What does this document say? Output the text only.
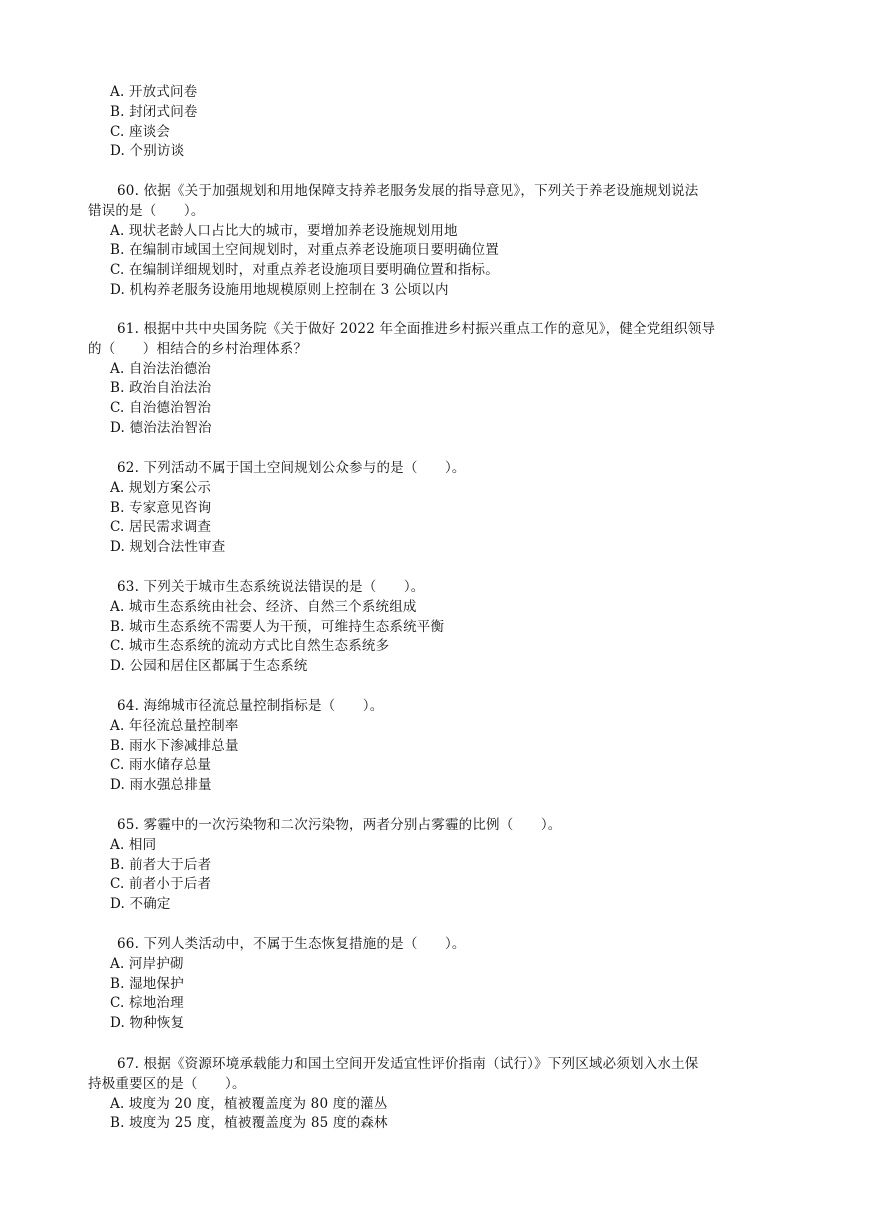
A. 开放式问卷
B. 封闭式问卷
C. 座谈会
D. 个别访谈
60. 依据《关于加强规划和用地保障支持养老服务发展的指导意见》，下列关于养老设施规划说法
错误的是（　　）。
A. 现状老龄人口占比大的城市，要增加养老设施规划用地
B. 在编制市域国土空间规划时，对重点养老设施项日要明确位置
C. 在编制详细规划时，对重点养老设施项目要明确位置和指标。
D. 机构养老服务设施用地规模原则上控制在 3 公顷以内
61. 根据中共中央国务院《关于做好 2022 年全面推进乡村振兴重点工作的意见》，健全党组织领导
的（　　）相结合的乡村治理体系？
A. 自治法治德治
B. 政治自治法治
C. 自治德治智治
D. 德治法治智治
62. 下列活动不属于国土空间规划公众参与的是（　　）。
A. 规划方案公示
B. 专家意见咨询
C. 居民需求调查
D. 规划合法性审查
63. 下列关于城市生态系统说法错误的是（　　）。
A. 城市生态系统由社会、经济、自然三个系统组成
B. 城市生态系统不需要人为干预，可维持生态系统平衡
C. 城市生态系统的流动方式比自然生态系统多
D. 公园和居住区都属于生态系统
64. 海绵城市径流总量控制指标是（　　）。
A. 年径流总量控制率
B. 雨水下渗减排总量
C. 雨水储存总量
D. 雨水强总排量
65. 雾霾中的一次污染物和二次污染物，两者分别占雾霾的比例（　　）。
A. 相同
B. 前者大于后者
C. 前者小于后者
D. 不确定
66. 下列人类活动中，不属于生态恢复措施的是（　　）。
A. 河岸护砌
B. 湿地保护
C. 棕地治理
D. 物种恢复
67. 根据《资源环境承载能力和国土空间开发适宜性评价指南（试行）》下列区域必须划入水土保
持极重要区的是（　　）。
A. 坡度为 20 度，植被覆盖度为 80 度的灌丛
B. 坡度为 25 度，植被覆盖度为 85 度的森林
